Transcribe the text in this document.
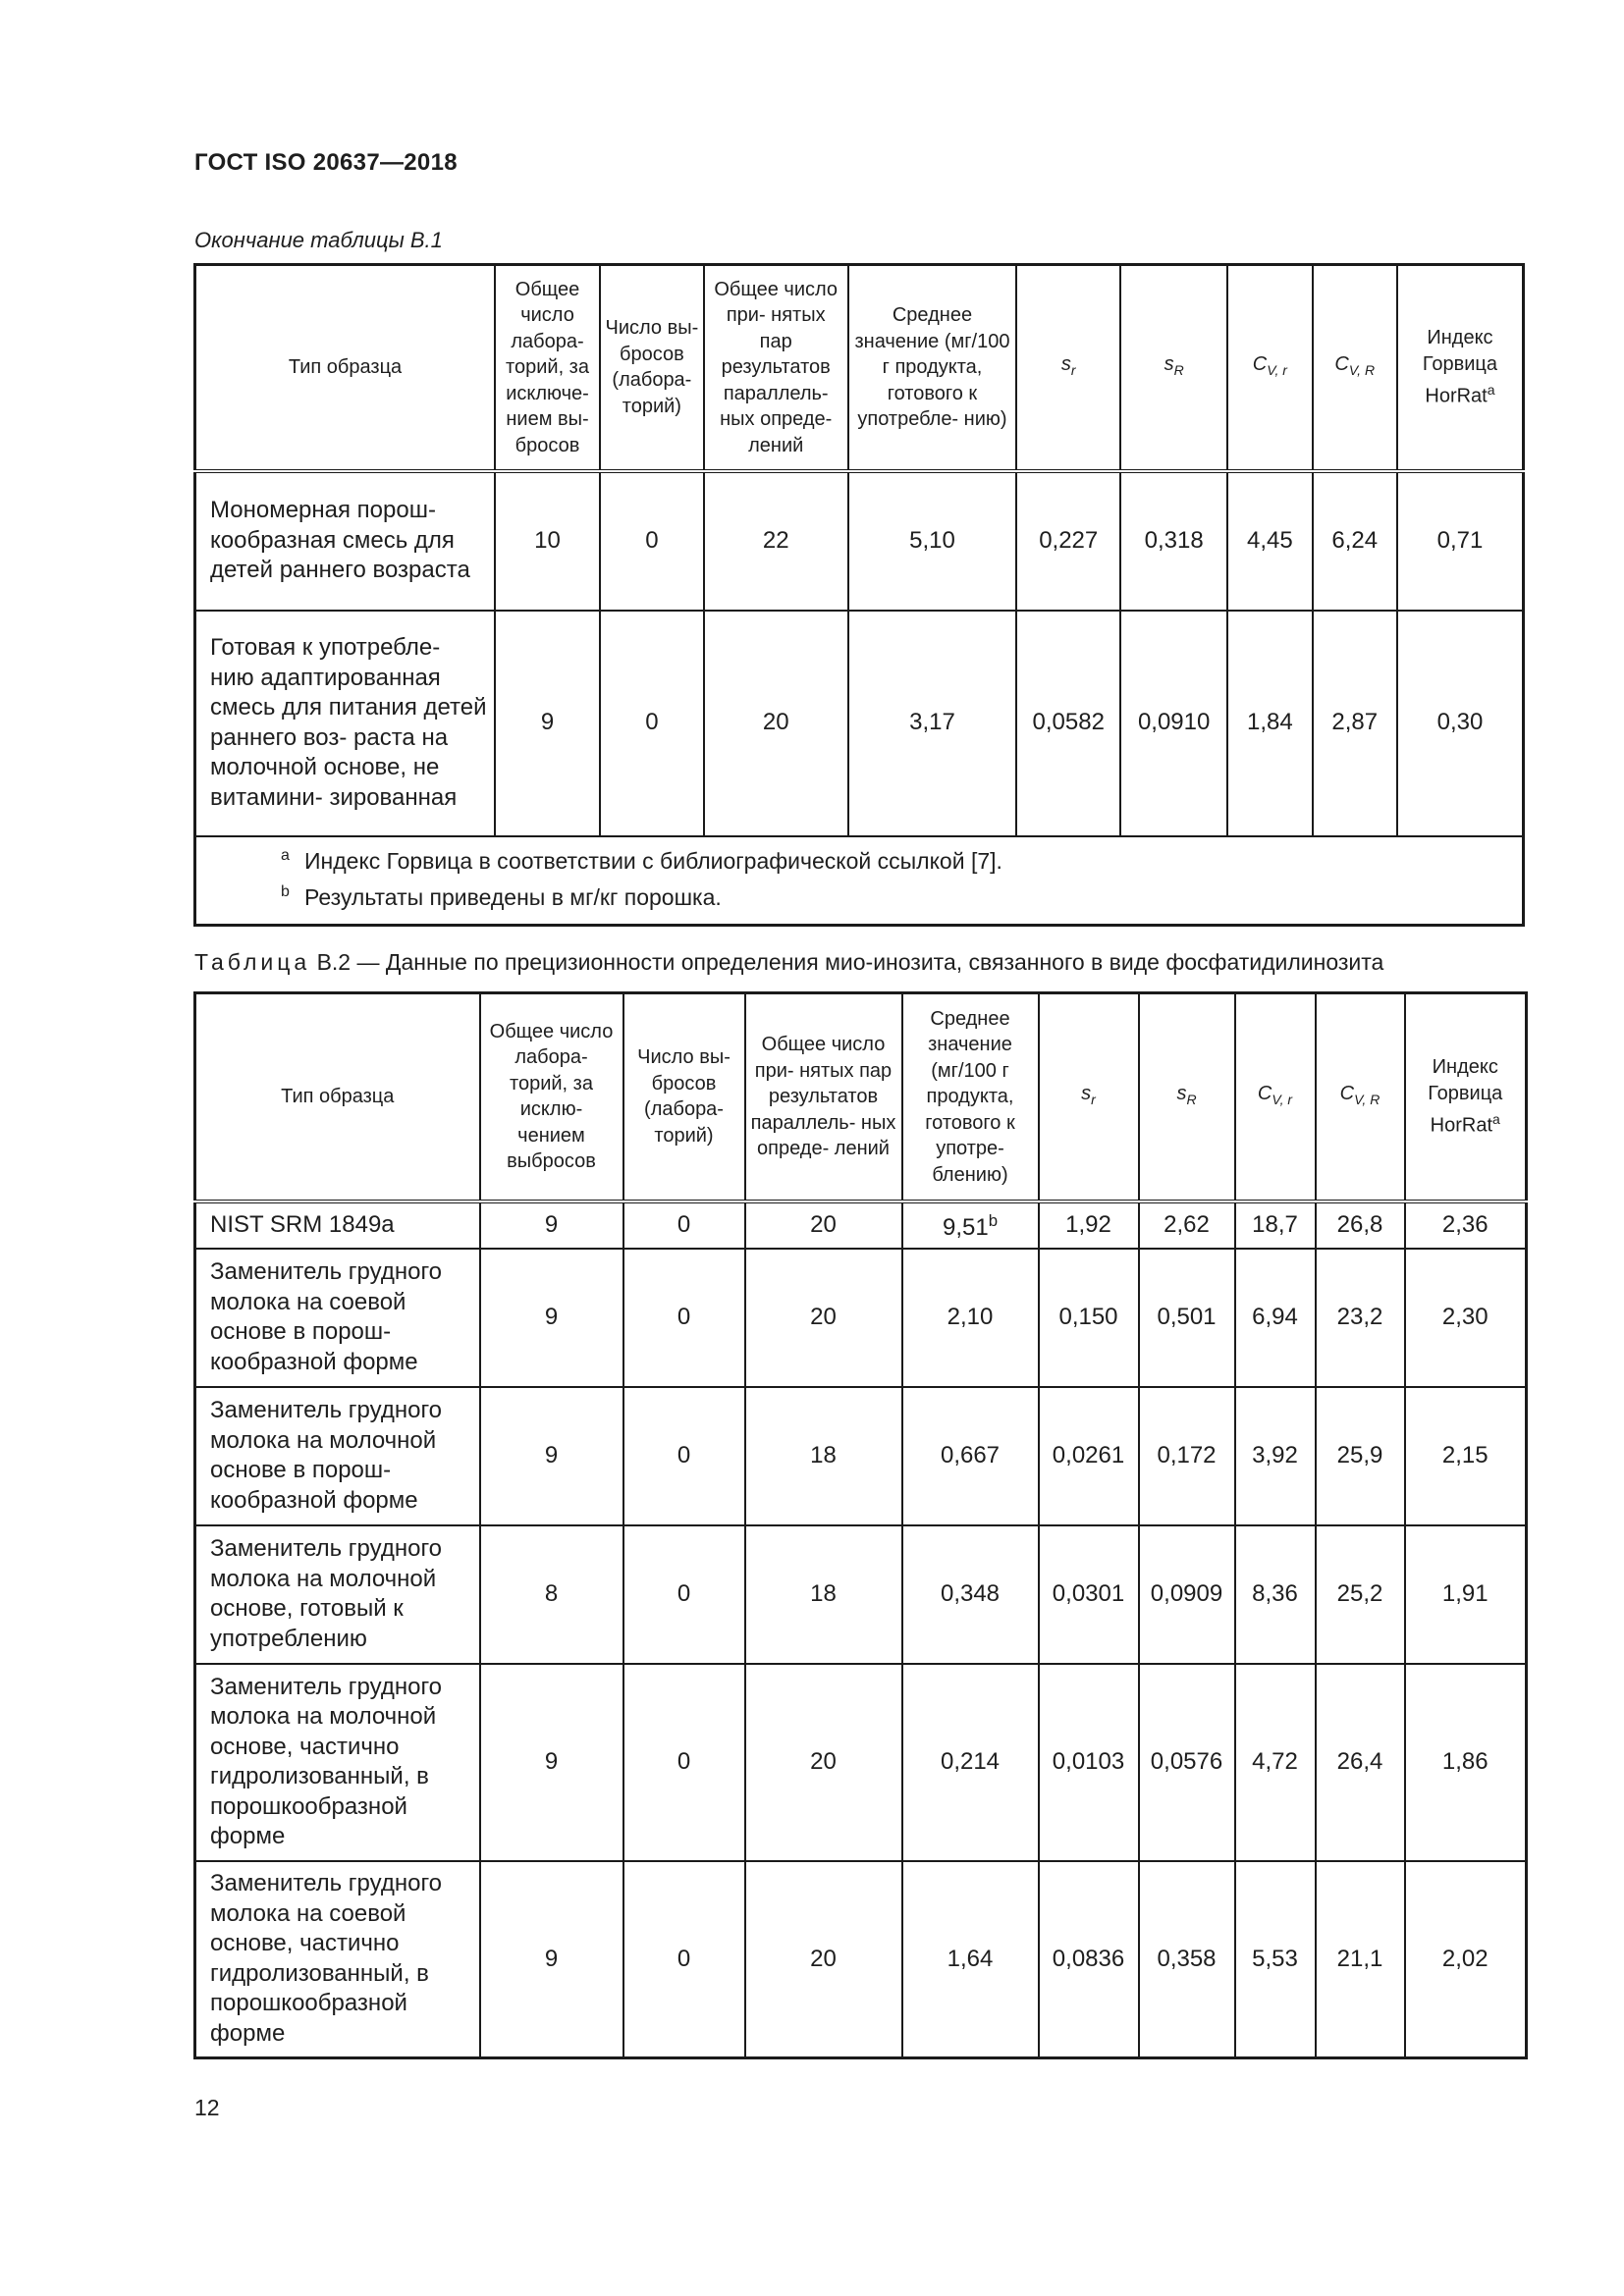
ГОСТ ISO 20637—2018
Окончание таблицы В.1
Тип образца	Общее число лабора- торий, за исключе- нием вы- бросов	Число вы- бросов (лабора- торий)	Общее число при- нятых пар результатов параллель- ных опреде- лений	Среднее значение (мг/100 г продукта, готового к употребле- нию)	$s_r$	$s_R$	$C_{V, r}$	$C_{V, R}$	Индекс Горвица HorRat$^a$
Мономерная порош- кообразная смесь для детей раннего возраста	10	0	22	5,10	0,227	0,318	4,45	6,24	0,71
Готовая к употребле- нию адаптированная смесь для питания детей раннего воз- раста на молочной основе, не витамини- зированная	9	0	20	3,17	0,0582	0,0910	1,84	2,87	0,30

a Индекс Горвица в соответствии с библиографической ссылкой [7].
b Результаты приведены в мг/кг порошка.									
Таблица В.2 — Данные по прецизионности определения мио-инозита, связанного в виде фосфатидилинозита
Тип образца	Общее число лабора- торий, за исклю- чением выбросов	Число вы- бросов (лабора- торий)	Общее число при- нятых пар результатов параллель- ных опреде- лений	Среднее значение (мг/100 г продукта, готового к употре- блению)	$s_r$	$s_R$	$C_{V, r}$	$C_{V, R}$	Индекс Горвица HorRat$^a$
NIST SRM 1849a	9	0	20	9,51$^b$	1,92	2,62	18,7	26,8	2,36
Заменитель грудного молока на соевой основе в порош- кообразной форме	9	0	20	2,10	0,150	0,501	6,94	23,2	2,30
Заменитель грудного молока на молочной основе в порош- кообразной форме	9	0	18	0,667	0,0261	0,172	3,92	25,9	2,15
Заменитель грудного молока на молочной основе, готовый к употреблению	8	0	18	0,348	0,0301	0,0909	8,36	25,2	1,91
Заменитель грудного молока на молочной основе, частично гидролизованный, в порошкообразной форме	9	0	20	0,214	0,0103	0,0576	4,72	26,4	1,86
Заменитель грудного молока на соевой основе, частично гидролизованный, в порошкообразной форме	9	0	20	1,64	0,0836	0,358	5,53	21,1	2,02
12
